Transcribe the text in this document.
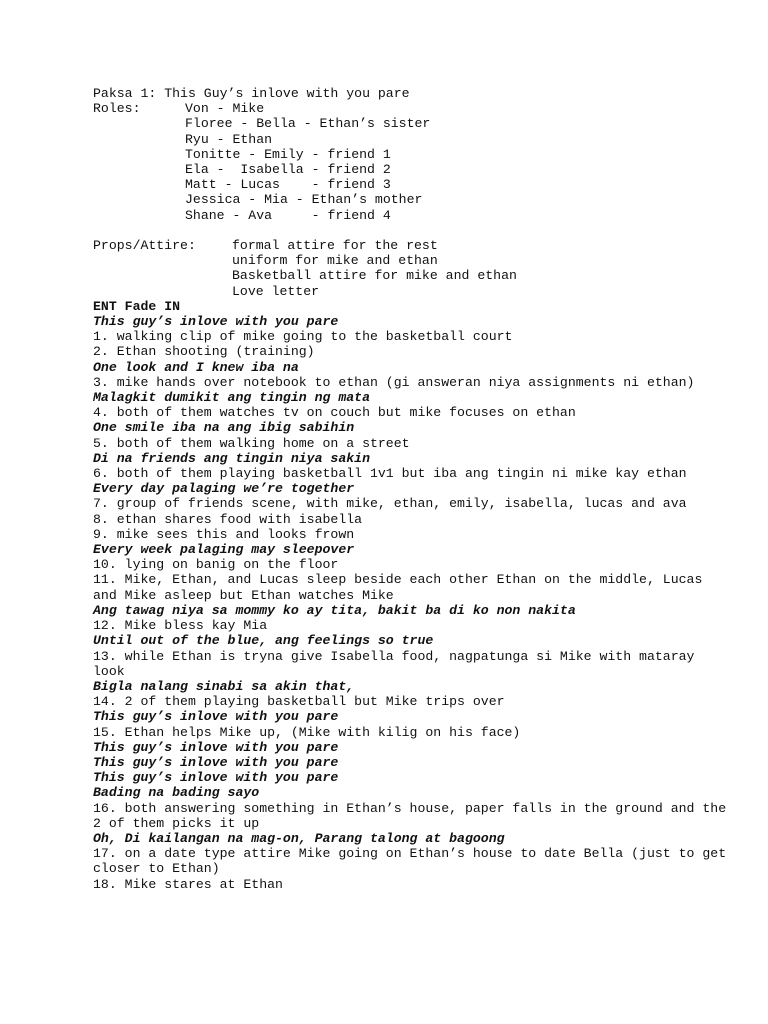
Paksa 1: This Guy’s inlove with you pare

Roles:	Von - Mike

Floree - Bella - Ethan’s sister

Ryu - Ethan

Tonitte - Emily - friend 1

Ela -  Isabella - friend 2

Matt - Lucas    - friend 3

Jessica - Mia - Ethan’s mother

Shane - Ava     - friend 4

Props/Attire:	formal attire for the rest

uniform for mike and ethan

Basketball attire for mike and ethan

Love letter

ENT Fade IN

This guy’s inlove with you pare

1. walking clip of mike going to the basketball court

2. Ethan shooting (training)

One look and I knew iba na

3. mike hands over notebook to ethan (gi answeran niya assignments ni ethan)

Malagkit dumikit ang tingin ng mata

4. both of them watches tv on couch but mike focuses on ethan

One smile iba na ang ibig sabihin

5. both of them walking home on a street

Di na friends ang tingin niya sakin

6. both of them playing basketball 1v1 but iba ang tingin ni mike kay ethan

Every day palaging we’re together

7. group of friends scene, with mike, ethan, emily, isabella, lucas and ava

8. ethan shares food with isabella

9. mike sees this and looks frown

Every week palaging may sleepover

10. lying on banig on the floor

11. Mike, Ethan, and Lucas sleep beside each other Ethan on the middle, Lucas and Mike asleep but Ethan watches Mike

Ang tawag niya sa mommy ko ay tita, bakit ba di ko non nakita

12. Mike bless kay Mia

Until out of the blue, ang feelings so true

13. while Ethan is tryna give Isabella food, nagpatunga si Mike with mataray look

Bigla nalang sinabi sa akin that,

14. 2 of them playing basketball but Mike trips over

This guy’s inlove with you pare

15. Ethan helps Mike up, (Mike with kilig on his face)

This guy’s inlove with you pare

This guy’s inlove with you pare

This guy’s inlove with you pare

Bading na bading sayo

16. both answering something in Ethan’s house, paper falls in the ground and the 2 of them picks it up

Oh, Di kailangan na mag-on, Parang talong at bagoong

17. on a date type attire Mike going on Ethan’s house to date Bella (just to get closer to Ethan)

18. Mike stares at Ethan
